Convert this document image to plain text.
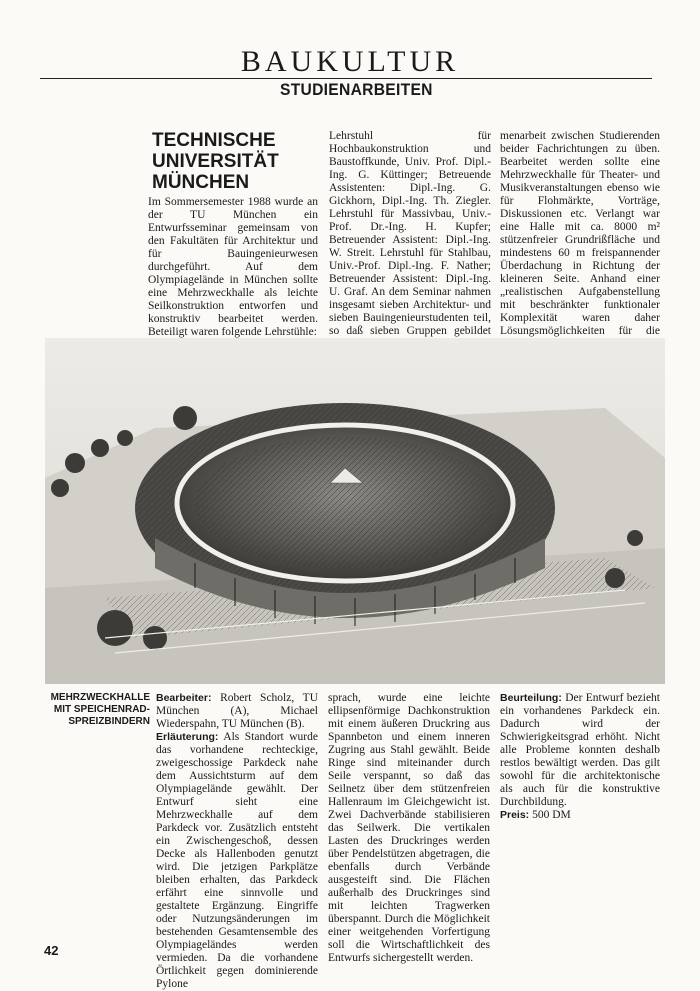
BAUKULTUR
STUDIENARBEITEN
TECHNISCHE UNIVERSITÄT MÜNCHEN

Im Sommersemester 1988 wurde an der TU München ein Entwurfsseminar gemeinsam von den Fakultäten für Architektur und für Bauingenieurwesen durchgeführt. Auf dem Olympiagelände in München sollte eine Mehrzweckhalle als leichte Seilkonstruktion entworfen und konstruktiv bearbeitet werden. Beteiligt waren folgende Lehrstühle:

Lehrstuhl für Hochbaukonstruktion und Baustoffkunde, Univ. Prof. Dipl.-Ing. G. Küttinger; Betreuende Assistenten: Dipl.-Ing. G. Gickhorn, Dipl.-Ing. Th. Ziegler. Lehrstuhl für Massivbau, Univ.-Prof. Dr.-Ing. H. Kupfer; Betreuender Assistent: Dipl.-Ing. W. Streit. Lehrstuhl für Stahlbau, Univ.-Prof. Dipl.-Ing. F. Nather; Betreuender Assistent: Dipl.-Ing. U. Graf. An dem Seminar nahmen insgesamt sieben Architektur- und sieben Bauingenieurstudenten teil, so daß sieben Gruppen gebildet

menarbeit zwischen Studierenden beider Fachrichtungen zu üben. Bearbeitet werden sollte eine Mehrzweckhalle für Theater- und Musikveranstaltungen ebenso wie für Flohmärkte, Vorträge, Diskussionen etc. Verlangt war eine Halle mit ca. 8000 m² stützenfreier Grundrißfläche und mindestens 60 m freispannender Überdachung in Richtung der kleineren Seite. Anhand einer „realistischen Aufgabenstellung mit beschränkter funktionaler Komplexität waren daher Lösungsmöglichkeiten für die

MEHRZWECKHALLE MIT SPEICHENRAD-SPREIZBINDERN

Bearbeiter: Robert Scholz, TU München (A), Michael Wiederspahn, TU München (B).

Erläuterung: Als Standort wurde das vorhandene rechteckige, zweigeschossige Parkdeck nahe dem Aussichtsturm auf dem Olympiagelände gewählt. Der Entwurf sieht eine Mehrzweckhalle auf dem Parkdeck vor. Zusätzlich entsteht ein Zwischengeschoß, dessen Decke als Hallenboden genutzt wird. Die jetzigen Parkplätze bleiben erhalten, das Parkdeck erfährt eine sinnvolle und gestaltete Ergänzung. Eingriffe oder Nutzungsänderungen im bestehenden Gesamtensemble des Olympiageländes werden vermieden. Da die vorhandene Örtlichkeit gegen dominierende Pylone

sprach, wurde eine leichte ellipsenförmige Dachkonstruktion mit einem äußeren Druckring aus Spannbeton und einem inneren Zugring aus Stahl gewählt. Beide Ringe sind miteinander durch Seile verspannt, so daß das Seilnetz über dem stützenfreien Hallenraum im Gleichgewicht ist. Zwei Dachverbände stabilisieren das Seilwerk. Die vertikalen Lasten des Druckringes werden über Pendelstützen abgetragen, die ebenfalls durch Verbände ausgesteift sind. Die Flächen außerhalb des Druckringes sind mit leichten Tragwerken überspannt. Durch die Möglichkeit einer weitgehenden Vorfertigung soll die Wirtschaftlichkeit des Entwurfs sichergestellt werden.

Beurteilung: Der Entwurf bezieht ein vorhandenes Parkdeck ein. Dadurch wird der Schwierigkeitsgrad erhöht. Nicht alle Probleme konnten deshalb restlos bewältigt werden. Das gilt sowohl für die architektonische als auch für die konstruktive Durchbildung.

Preis: 500 DM

42
